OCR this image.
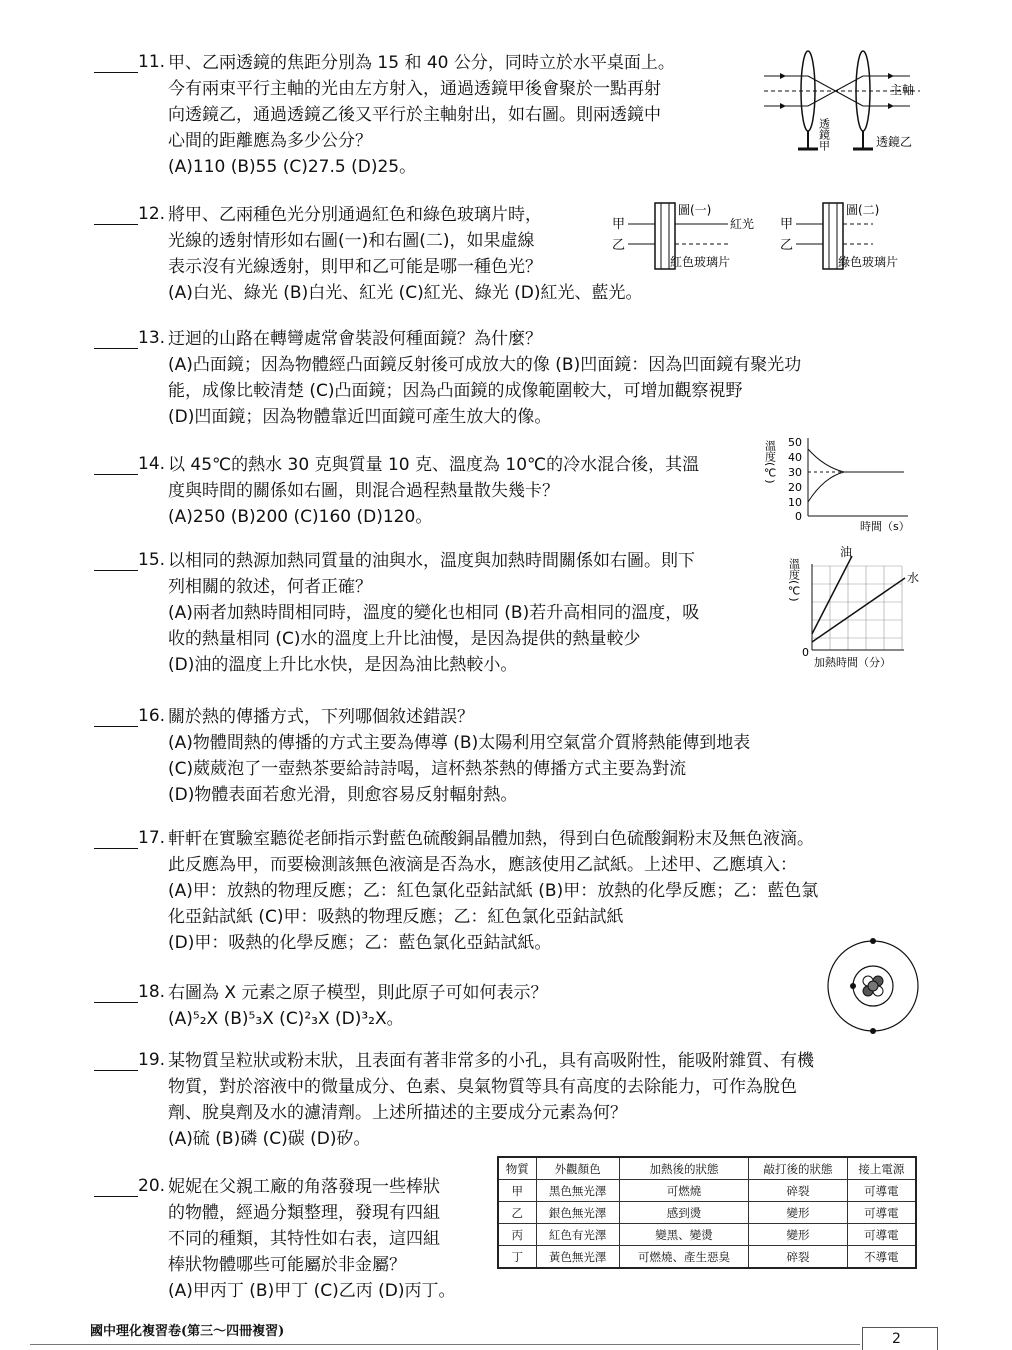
11. 甲、乙兩透鏡的焦距分別為 15 和 40 公分，同時立於水平桌面上。
今有兩束平行主軸的光由左方射入，通過透鏡甲後會聚於一點再射
向透鏡乙，通過透鏡乙後又平行於主軸射出，如右圖。則兩透鏡中
心間的距離應為多少公分？
(A)110 (B)55 (C)27.5 (D)25。
12. 將甲、乙兩種色光分別通過紅色和綠色玻璃片時，
光線的透射情形如右圖(一)和右圖(二)，如果虛線
表示沒有光線透射，則甲和乙可能是哪一種色光？
(A)白光、綠光 (B)白光、紅光 (C)紅光、綠光 (D)紅光、藍光。
13. 迂迴的山路在轉彎處常會裝設何種面鏡？為什麼？
(A)凸面鏡；因為物體經凸面鏡反射後可成放大的像 (B)凹面鏡：因為凹面鏡有聚光功
能，成像比較清楚 (C)凸面鏡；因為凸面鏡的成像範圍較大，可增加觀察視野
(D)凹面鏡；因為物體靠近凹面鏡可產生放大的像。
14. 以 45℃的熱水 30 克與質量 10 克、溫度為 10℃的冷水混合後，其溫
度與時間的關係如右圖，則混合過程熱量散失幾卡？
(A)250 (B)200 (C)160 (D)120。
15. 以相同的熱源加熱同質量的油與水，溫度與加熱時間關係如右圖。則下
列相關的敘述，何者正確？
(A)兩者加熱時間相同時，溫度的變化也相同 (B)若升高相同的溫度，吸
收的熱量相同 (C)水的溫度上升比油慢，是因為提供的熱量較少
(D)油的溫度上升比水快，是因為油比熱較小。
16. 關於熱的傳播方式，下列哪個敘述錯誤？
(A)物體間熱的傳播的方式主要為傳導 (B)太陽利用空氣當介質將熱能傳到地表
(C)葳葳泡了一壺熱茶要給詩詩喝，這杯熱茶熱的傳播方式主要為對流
(D)物體表面若愈光滑，則愈容易反射輻射熱。
17. 軒軒在實驗室聽從老師指示對藍色硫酸銅晶體加熱，得到白色硫酸銅粉末及無色液滴。
此反應為甲，而要檢測該無色液滴是否為水，應該使用乙試紙。上述甲、乙應填入：
(A)甲：放熱的物理反應；乙：紅色氯化亞鈷試紙 (B)甲：放熱的化學反應；乙：藍色氯
化亞鈷試紙 (C)甲：吸熱的物理反應；乙：紅色氯化亞鈷試紙
(D)甲：吸熱的化學反應；乙：藍色氯化亞鈷試紙。
18. 右圖為 X 元素之原子模型，則此原子可如何表示？
(A)⁵₂X (B)⁵₃X (C)²₃X (D)³₂X。
19. 某物質呈粒狀或粉末狀，且表面有著非常多的小孔，具有高吸附性，能吸附雜質、有機
物質，對於溶液中的微量成分、色素、臭氣物質等具有高度的去除能力，可作為脫色
劑、脫臭劑及水的濾清劑。上述所描述的主要成分元素為何？
(A)硫 (B)磷 (C)碳 (D)矽。
20. 妮妮在父親工廠的角落發現一些棒狀
的物體，經過分類整理，發現有四組
不同的種類，其特性如右表，這四組
棒狀物體哪些可能屬於非金屬？
(A)甲丙丁 (B)甲丁 (C)乙丙 (D)丙丁。
主軸
透鏡甲	透鏡乙
甲
乙
圖(一)
紅光
紅色玻璃片
甲
乙
圖(二)
綠色玻璃片
溫度(℃) 50
40
30
20
10
0
時間（s）
溫度(℃)
油
水
0
加熱時間（分）
物質	外觀顏色	加熱後的狀態	敲打後的狀態	接上電源
甲	黑色無光澤	可燃燒	碎裂	可導電
乙	銀色無光澤	感到燙	變形	可導電
丙	紅色有光澤	變黑、變燙	變形	可導電
丁	黃色無光澤	可燃燒、產生惡臭	碎裂	不導電
國中理化複習卷(第三～四冊複習)	2
